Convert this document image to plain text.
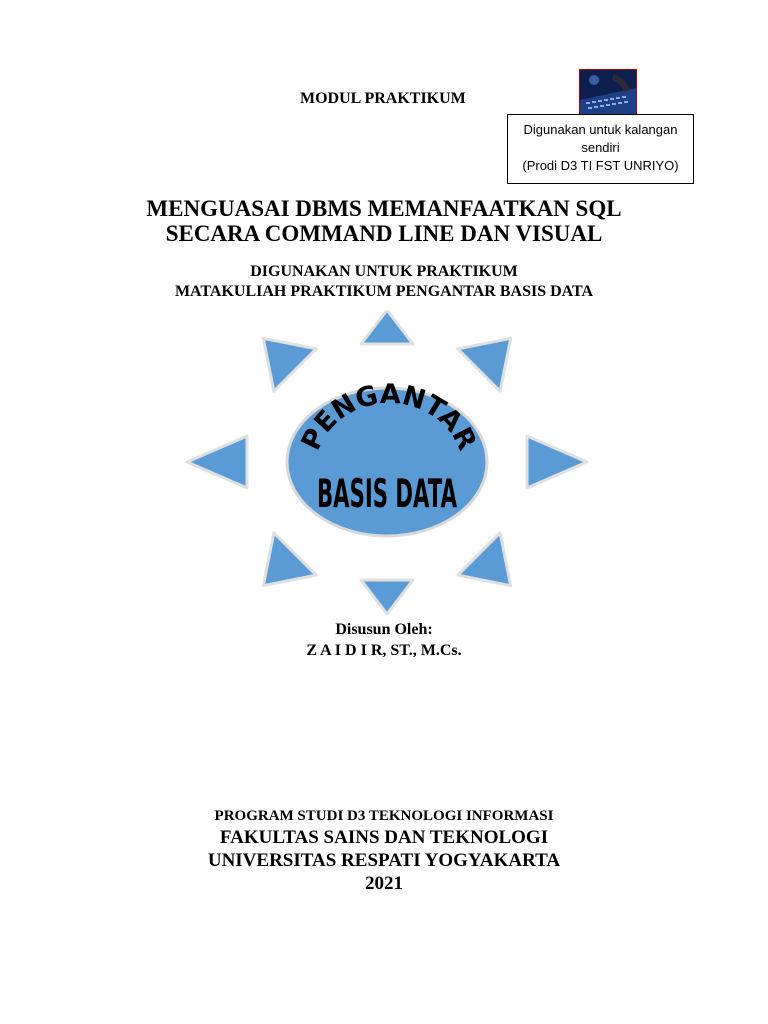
MODUL PRAKTIKUM
Digunakan untuk kalangan
sendiri
(Prodi D3 TI FST UNRIYO)
MENGUASAI DBMS MEMANFAATKAN SQL
SECARA COMMAND LINE DAN VISUAL
DIGUNAKAN UNTUK PRAKTIKUM
MATAKULIAH PRAKTIKUM PENGANTAR BASIS DATA
PENGANTAR
BASIS DATA
Disusun Oleh:
Z A I D I R, ST., M.Cs.
PROGRAM STUDI D3 TEKNOLOGI INFORMASI
FAKULTAS SAINS DAN TEKNOLOGI
UNIVERSITAS RESPATI YOGYAKARTA
2021
